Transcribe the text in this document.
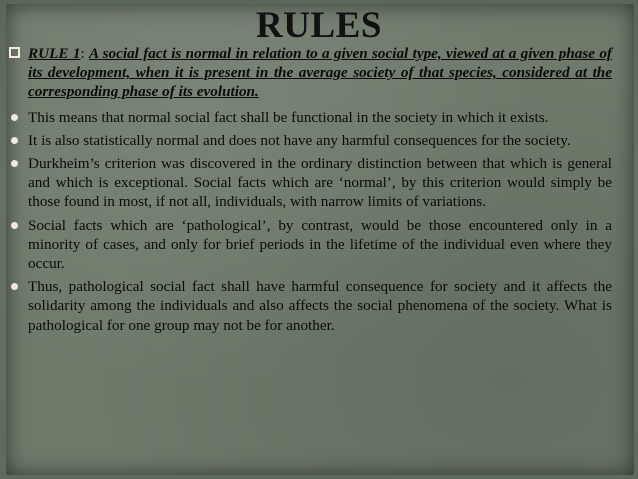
RULES
RULE 1: A social fact is normal in relation to a given social type, viewed at a given phase of its development, when it is present in the average society of that species, considered at the corresponding phase of its evolution.
This means that normal social fact shall be functional in the society in which it exists.
It is also statistically normal and does not have any harmful consequences for the society.
Durkheim’s criterion was discovered in the ordinary distinction between that which is general and which is exceptional. Social facts which are ‘normal’, by this criterion would simply be those found in most, if not all, individuals, with narrow limits of variations.
Social facts which are ‘pathological’, by contrast, would be those encountered only in a minority of cases, and only for brief periods in the lifetime of the individual even where they occur.
Thus, pathological social fact shall have harmful consequence for society and it affects the solidarity among the individuals and also affects the social phenomena of the society. What is pathological for one group may not be for another.
